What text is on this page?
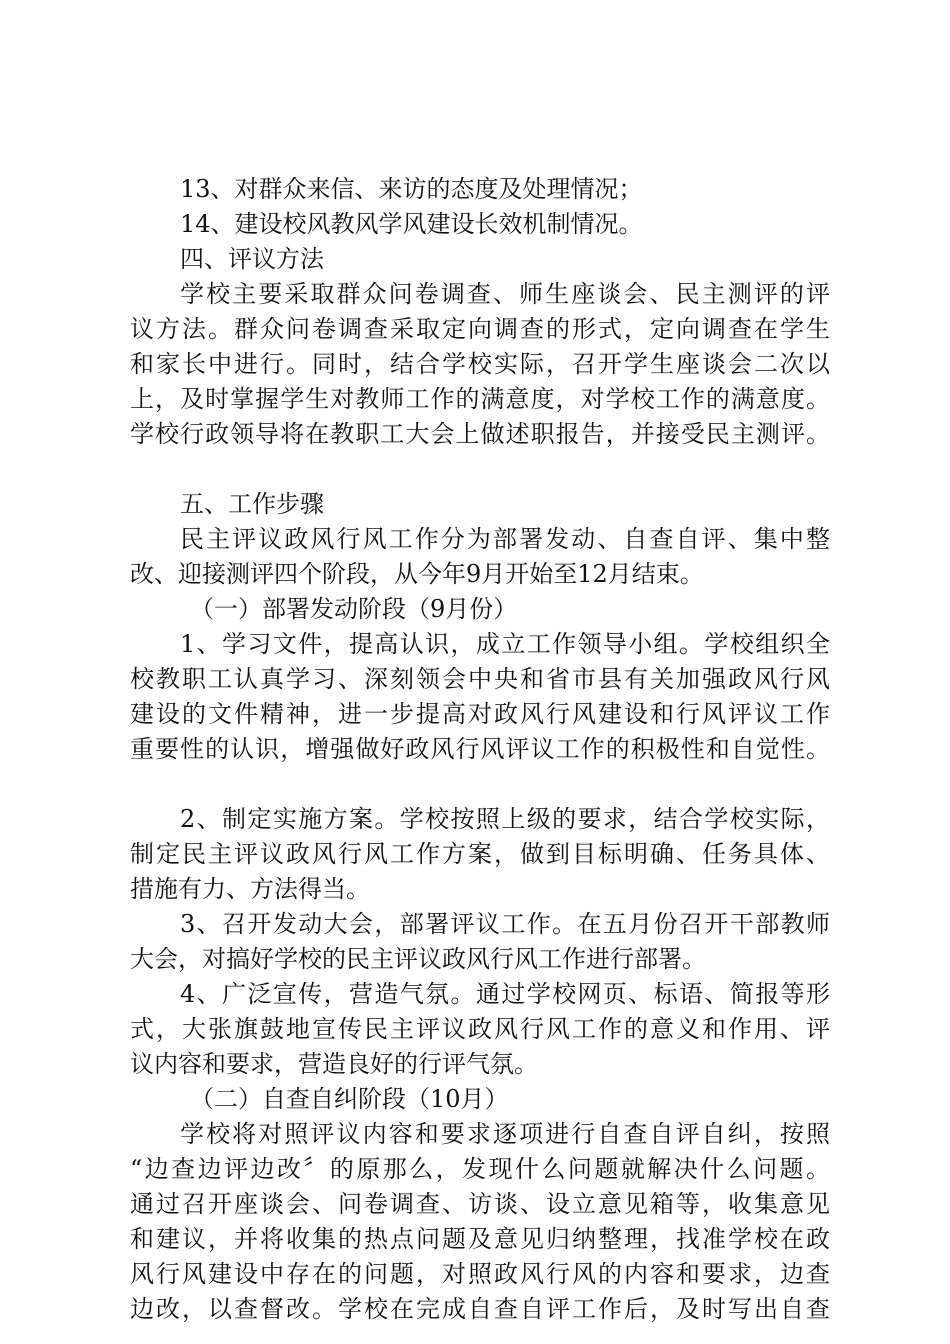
13、对群众来信、来访的态度及处理情况；
14、建设校风教风学风建设长效机制情况。
四、评议方法
学校主要采取群众问卷调查、师生座谈会、民主测评的评
议方法。群众问卷调查采取定向调查的形式，定向调查在学生
和家长中进行。同时，结合学校实际，召开学生座谈会二次以
上，及时掌握学生对教师工作的满意度，对学校工作的满意度。
学校行政领导将在教职工大会上做述职报告，并接受民主测评。
五、工作步骤
民主评议政风行风工作分为部署发动、自查自评、集中整
改、迎接测评四个阶段，从今年9月开始至12月结束。
（一）部署发动阶段（9月份）
1、学习文件，提高认识，成立工作领导小组。学校组织全
校教职工认真学习、深刻领会中央和省市县有关加强政风行风
建设的文件精神，进一步提高对政风行风建设和行风评议工作
重要性的认识，增强做好政风行风评议工作的积极性和自觉性。
2、制定实施方案。学校按照上级的要求，结合学校实际，
制定民主评议政风行风工作方案，做到目标明确、任务具体、
措施有力、方法得当。
3、召开发动大会，部署评议工作。在五月份召开干部教师
大会，对搞好学校的民主评议政风行风工作进行部署。
4、广泛宣传，营造气氛。通过学校网页、标语、简报等形
式，大张旗鼓地宣传民主评议政风行风工作的意义和作用、评
议内容和要求，营造良好的行评气氛。
（二）自查自纠阶段（10月）
学校将对照评议内容和要求逐项进行自查自评自纠，按照
“边查边评边改〞的原那么，发现什么问题就解决什么问题。
通过召开座谈会、问卷调查、访谈、设立意见箱等，收集意见
和建议，并将收集的热点问题及意见归纳整理，找准学校在政
风行风建设中存在的问题，对照政风行风的内容和要求，边查
边改，以查督改。学校在完成自查自评工作后，及时写出自查
